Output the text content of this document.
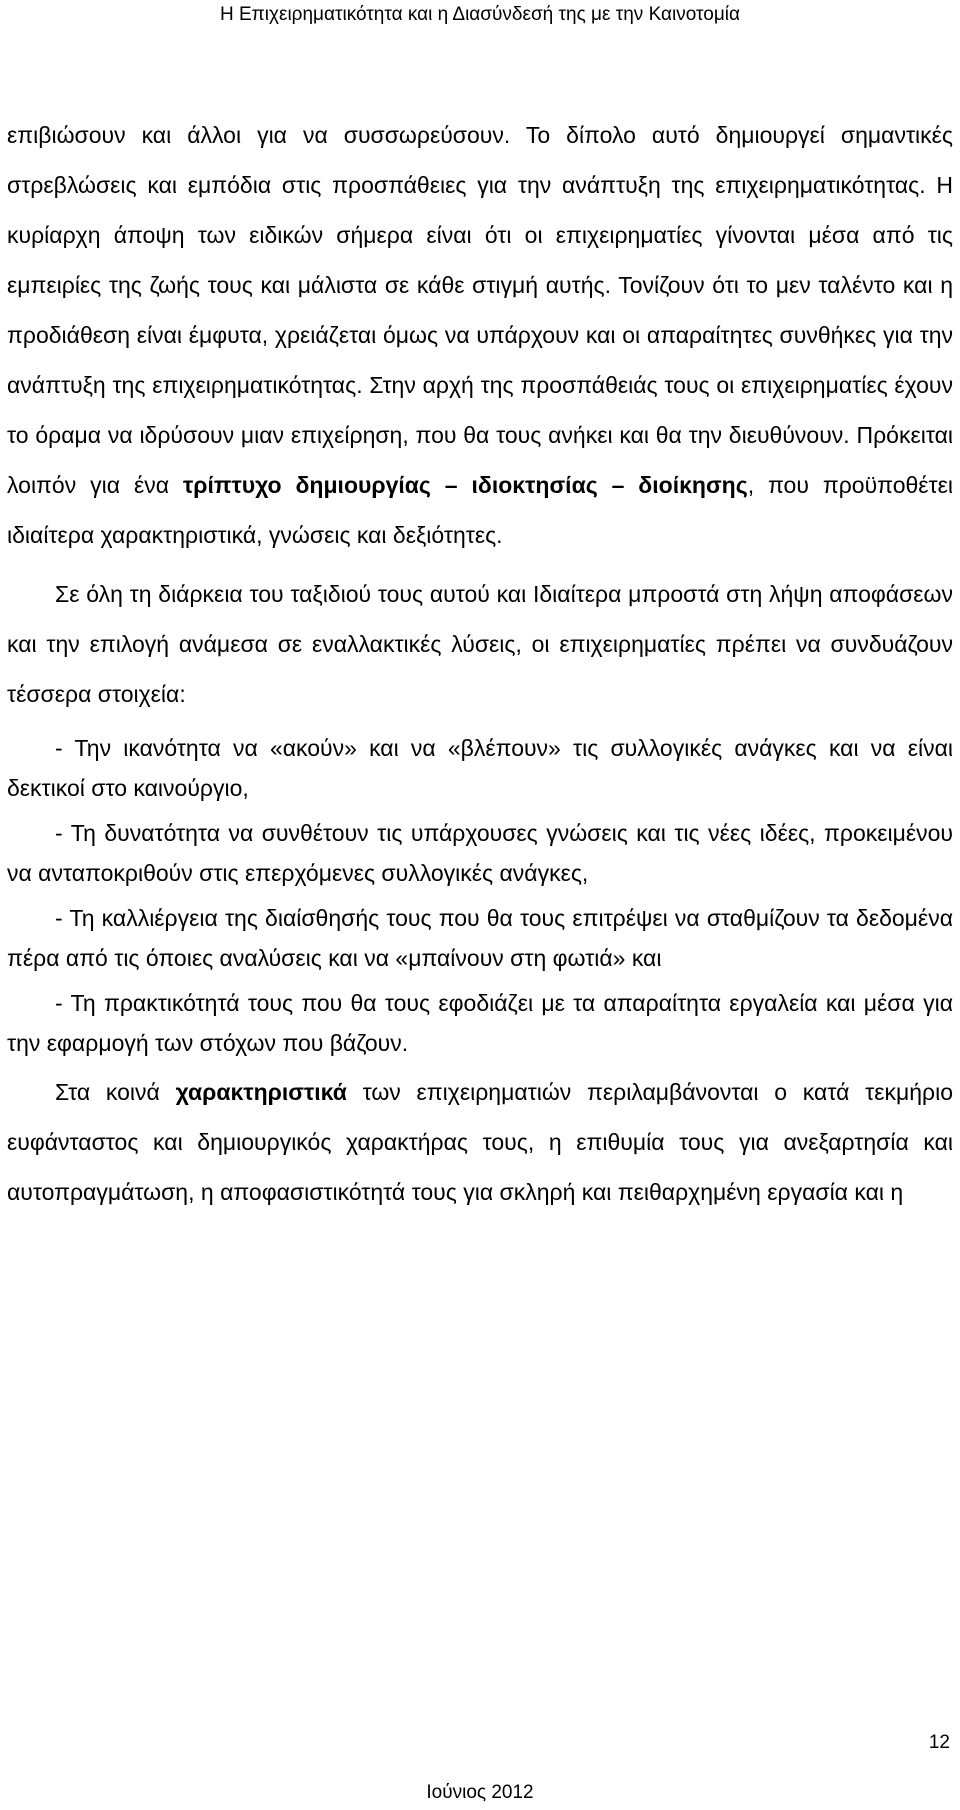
Η Επιχειρηματικότητα και η Διασύνδεσή της με την Καινοτομία

επιβιώσουν και άλλοι για να συσσωρεύσουν. Το δίπολο αυτό δημιουργεί σημαντικές στρεβλώσεις και εμπόδια στις προσπάθειες για την ανάπτυξη της επιχειρηματικότητας. Η κυρίαρχη άποψη των ειδικών σήμερα είναι ότι οι επιχειρηματίες γίνονται μέσα από τις εμπειρίες της ζωής τους και μάλιστα σε κάθε στιγμή αυτής. Τονίζουν ότι το μεν ταλέντο και η προδιάθεση είναι έμφυτα, χρειάζεται όμως να υπάρχουν και οι απαραίτητες συνθήκες για την ανάπτυξη της επιχειρηματικότητας. Στην αρχή της προσπάθειάς τους οι επιχειρηματίες έχουν το όραμα να ιδρύσουν μιαν επιχείρηση, που θα τους ανήκει και θα την διευθύνουν. Πρόκειται λοιπόν για ένα τρίπτυχο δημιουργίας – ιδιοκτησίας – διοίκησης, που προϋποθέτει ιδιαίτερα χαρακτηριστικά, γνώσεις και δεξιότητες.

Σε όλη τη διάρκεια του ταξιδιού τους αυτού και Ιδιαίτερα μπροστά στη λήψη αποφάσεων και την επιλογή ανάμεσα σε εναλλακτικές λύσεις, οι επιχειρηματίες πρέπει να συνδυάζουν τέσσερα στοιχεία:

- Την ικανότητα να «ακούν» και να «βλέπουν» τις συλλογικές ανάγκες και να είναι δεκτικοί στο καινούργιο,

- Τη δυνατότητα να συνθέτουν τις υπάρχουσες γνώσεις και τις νέες ιδέες, προκειμένου να ανταποκριθούν στις επερχόμενες συλλογικές ανάγκες,

- Τη καλλιέργεια της διαίσθησής τους που θα τους επιτρέψει να σταθμίζουν τα δεδομένα πέρα από τις όποιες αναλύσεις και να «μπαίνουν στη φωτιά» και

- Τη πρακτικότητά τους που θα τους εφοδιάζει με τα απαραίτητα εργαλεία και μέσα για την εφαρμογή των στόχων που βάζουν.

Στα κοινά χαρακτηριστικά των επιχειρηματιών περιλαμβάνονται ο κατά τεκμήριο ευφάνταστος και δημιουργικός χαρακτήρας τους, η επιθυμία τους για ανεξαρτησία και αυτοπραγμάτωση, η αποφασιστικότητά τους για σκληρή και πειθαρχημένη εργασία και η

12
Ιούνιος 2012
